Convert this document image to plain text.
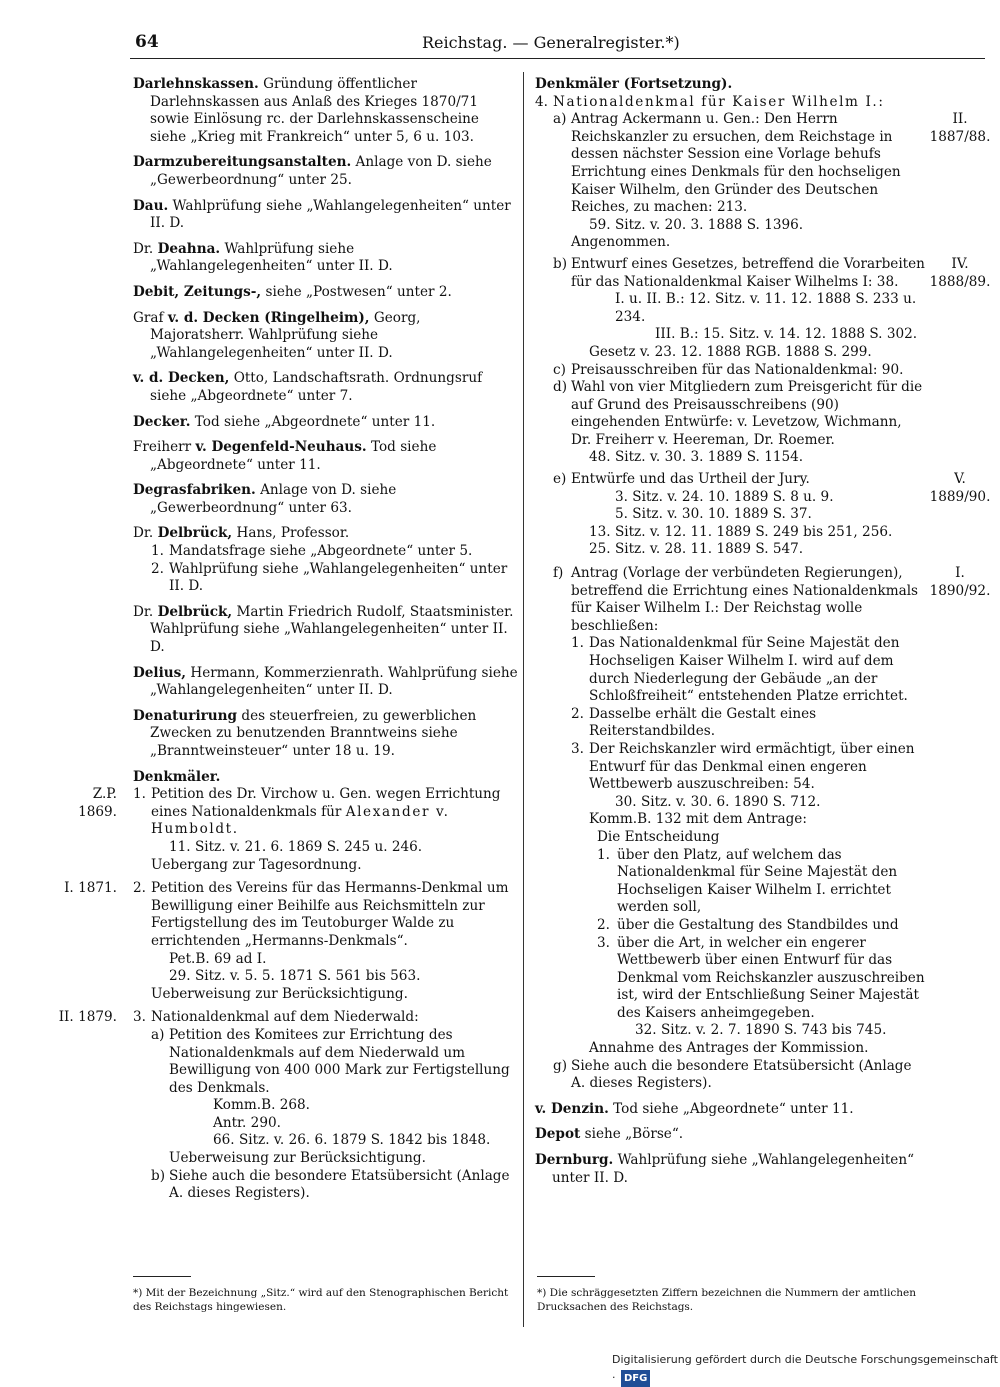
64	Reichstag. — Generalregister.*)
Darlehnskassen. Gründung öffentlicher Darlehnskassen aus Anlaß des Krieges 1870/71 sowie Einlösung rc. der Darlehnskassenscheine siehe „Krieg mit Frankreich“ unter 5, 6 u. 103.
Darmzubereitungsanstalten. Anlage von D. siehe „Gewerbeordnung“ unter 25.
Dau. Wahlprüfung siehe „Wahlangelegenheiten“ unter II. D.
Dr. Deahna. Wahlprüfung siehe „Wahlangelegenheiten“ unter II. D.
Debit, Zeitungs-, siehe „Postwesen“ unter 2.
Graf v. d. Decken (Ringelheim), Georg, Majoratsherr. Wahlprüfung siehe „Wahlangelegenheiten“ unter II. D.
v. d. Decken, Otto, Landschaftsrath. Ordnungsruf siehe „Abgeordnete“ unter 7.
Decker. Tod siehe „Abgeordnete“ unter 11.
Freiherr v. Degenfeld-Neuhaus. Tod siehe „Abgeordnete“ unter 11.
Degrasfabriken. Anlage von D. siehe „Gewerbeordnung“ unter 63.
Dr. Delbrück, Hans, Professor.
1. Mandatsfrage siehe „Abgeordnete“ unter 5.
2. Wahlprüfung siehe „Wahlangelegenheiten“ unter II. D.
Dr. Delbrück, Martin Friedrich Rudolf, Staatsminister. Wahlprüfung siehe „Wahlangelegenheiten“ unter II. D.
Delius, Hermann, Kommerzienrath. Wahlprüfung siehe „Wahlangelegenheiten“ unter II. D.
Denaturirung des steuerfreien, zu gewerblichen Zwecken zu benutzenden Branntweins siehe „Branntweinsteuer“ unter 18 u. 19.
Denkmäler.
Z.P. 1869.
1. Petition des Dr. Virchow u. Gen. wegen Errichtung eines Nationaldenkmals für Alexander v. Humboldt.
11. Sitz. v. 21. 6. 1869 S. 245 u. 246.
Uebergang zur Tagesordnung.
I. 1871. 2. Petition des Vereins für das Hermanns-Denkmal um Bewilligung einer Beihilfe aus Reichsmitteln zur Fertigstellung des im Teutoburger Walde zu errichtenden „Hermanns-Denkmals“.
Pet.B. 69 ad I.
29. Sitz. v. 5. 5. 1871 S. 561 bis 563.
Ueberweisung zur Berücksichtigung.
II. 1879. 3. Nationaldenkmal auf dem Niederwald:
a) Petition des Komitees zur Errichtung des Nationaldenkmals auf dem Niederwald um Bewilligung von 400 000 Mark zur Fertigstellung des Denkmals.
Komm.B. 268.
Antr. 290.
66. Sitz. v. 26. 6. 1879 S. 1842 bis 1848.
Ueberweisung zur Berücksichtigung.
b) Siehe auch die besondere Etatsübersicht (Anlage A. dieses Registers).
Denkmäler (Fortsetzung).
4. Nationaldenkmal für Kaiser Wilhelm I.:
II. 1887/88.
a) Antrag Ackermann u. Gen.: Den Herrn Reichskanzler zu ersuchen, dem Reichstage in dessen nächster Session eine Vorlage behufs Errichtung eines Denkmals für den hochseligen Kaiser Wilhelm, den Gründer des Deutschen Reiches, zu machen: 213.
59. Sitz. v. 20. 3. 1888 S. 1396.
Angenommen.
IV. 1888/89.
b) Entwurf eines Gesetzes, betreffend die Vorarbeiten für das Nationaldenkmal Kaiser Wilhelms I: 38.
I. u. II. B.: 12. Sitz. v. 11. 12. 1888 S. 233 u. 234.
III. B.: 15. Sitz. v. 14. 12. 1888 S. 302.
Gesetz v. 23. 12. 1888 RGB. 1888 S. 299.
c) Preisausschreiben für das Nationaldenkmal: 90.
d) Wahl von vier Mitgliedern zum Preisgericht für die auf Grund des Preisausschreibens (90) eingehenden Entwürfe: v. Levetzow, Wichmann, Dr. Freiherr v. Heereman, Dr. Roemer.
48. Sitz. v. 30. 3. 1889 S. 1154.
V. 1889/90.
e) Entwürfe und das Urtheil der Jury.
3. Sitz. v. 24. 10. 1889 S. 8 u. 9.
5. Sitz. v. 30. 10. 1889 S. 37.
13. Sitz. v. 12. 11. 1889 S. 249 bis 251, 256.
25. Sitz. v. 28. 11. 1889 S. 547.
I. 1890/92.
f) Antrag (Vorlage der verbündeten Regierungen), betreffend die Errichtung eines Nationaldenkmals für Kaiser Wilhelm I.: Der Reichstag wolle beschließen:
1. Das Nationaldenkmal für Seine Majestät den Hochseligen Kaiser Wilhelm I. wird auf dem durch Niederlegung der Gebäude „an der Schloßfreiheit“ entstehenden Platze errichtet.
2. Dasselbe erhält die Gestalt eines Reiterstandbildes.
3. Der Reichskanzler wird ermächtigt, über einen Entwurf für das Denkmal einen engeren Wettbewerb auszuschreiben: 54.
30. Sitz. v. 30. 6. 1890 S. 712.
Komm.B. 132 mit dem Antrage:
Die Entscheidung
1. über den Platz, auf welchem das Nationaldenkmal für Seine Majestät den Hochseligen Kaiser Wilhelm I. errichtet werden soll,
2. über die Gestaltung des Standbildes und
3. über die Art, in welcher ein engerer Wettbewerb über einen Entwurf für das Denkmal vom Reichskanzler auszuschreiben ist, wird der Entschließung Seiner Majestät des Kaisers anheimgegeben.
32. Sitz. v. 2. 7. 1890 S. 743 bis 745.
Annahme des Antrages der Kommission.
g) Siehe auch die besondere Etatsübersicht (Anlage A. dieses Registers).
v. Denzin. Tod siehe „Abgeordnete“ unter 11.
Depot siehe „Börse“.
Dernburg. Wahlprüfung siehe „Wahlangelegenheiten“ unter II. D.
*) Mit der Bezeichnung „Sitz.“ wird auf den Stenographischen Bericht des Reichstags hingewiesen.
*) Die schräggesetzten Ziffern bezeichnen die Nummern der amtlichen Drucksachen des Reichstags.
Digitalisierung gefördert durch die Deutsche Forschungsgemeinschaft · DFG
